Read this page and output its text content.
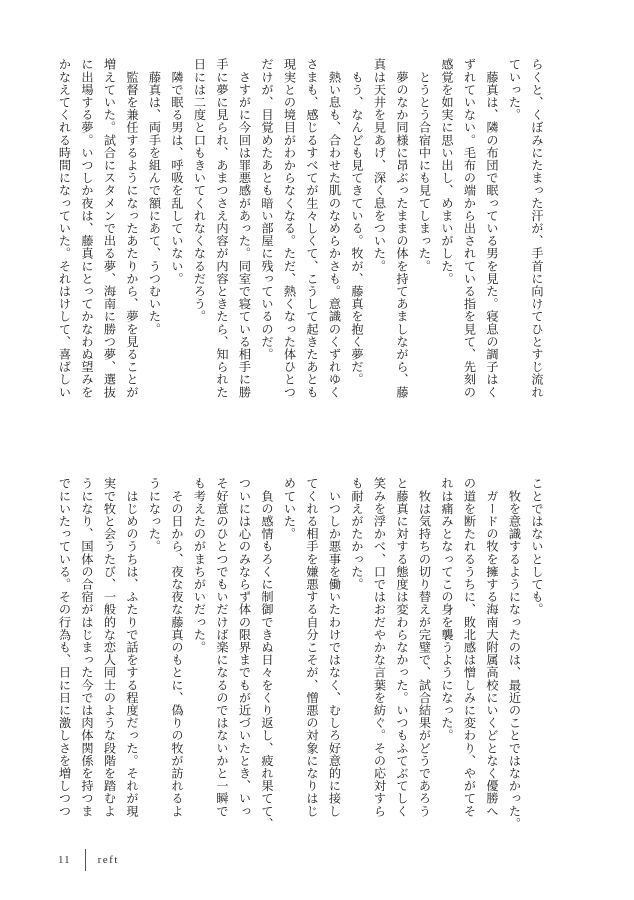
らくと、くぼみにたまった汗が、手首に向けてひとすじ流れ
ていった。
　藤真は、隣の布団で眠っている男を見た。寝息の調子はく
ずれていない。毛布の端から出されている指を見て、先刻の
感覚を如実に思い出し、めまいがした。
　とうとう合宿中にも見てしまった。
　夢のなか同様に昂ぶったままの体を持てあましながら、藤
真は天井を見あげ、深く息をついた。
　もう、なんども見てきている。牧が、藤真を抱く夢だ。
　熱い息も、合わせた肌のなめらかさも。意識のくずれゆく
さまも、感じるすべてが生々しくて、こうして起きたあとも
現実との境目がわからなくなる。ただ、熱くなった体ひとつ
だけが、目覚めたあとも暗い部屋に残っているのだ。
　さすがに今回は罪悪感があった。同室で寝ている相手に勝
手に夢に見られ、あまつさえ内容が内容ときたら、知られた
日には二度と口もきいてくれなくなるだろう。
　隣で眠る男は、呼吸を乱していない。
　藤真は、両手を組んで額にあて、うつむいた。
　監督を兼任するようになったあたりから、夢を見ることが
増えていた。試合にスタメンで出る夢、海南に勝つ夢、選抜
に出場する夢。いつしか夜は、藤真にとってかなわぬ望みを
かなえてくれる時間になっていた。それはけして、喜ばしい
ことではないとしても。
　牧を意識するようになったのは、最近のことではなかった。
　ガードの牧を擁する海南大附属高校にいくどとなく優勝へ
の道を断たれるうちに、敗北感は憎しみに変わり、やがてそ
れは痛みとなってこの身を襲うようになった。
　牧は気持ちの切り替えが完璧で、試合結果がどうであろう
と藤真に対する態度は変わらなかった。いつもふてぶてしく
笑みを浮かべ、口ではおだやかな言葉を紡ぐ。その応対すら
も耐えがたかった。
　いつしか悪事を働いたわけではなく、むしろ好意的に接し
てくれる相手を嫌悪する自分こそが、憎悪の対象になりはじ
めていた。
　負の感情もろくに制御できぬ日々をくり返し、疲れ果てて、
ついには心のみならず体の限界までもが近づいたとき、いっ
そ好意のひとつでもいだけば楽になるのではないかと一瞬で
も考えたのがまちがいだった。
　その日から、夜な夜な藤真のもとに、偽りの牧が訪れるよ
うになった。
　はじめのうちは、ふたりで話をする程度だった。それが現
実で牧と会うたび、一般的な恋人同士のような段階を踏むよ
うになり、国体の合宿がはじまった今では肉体関係を持つま
でにいたっている。その行為も、日に日に激しさを増しつつ
11 reft
